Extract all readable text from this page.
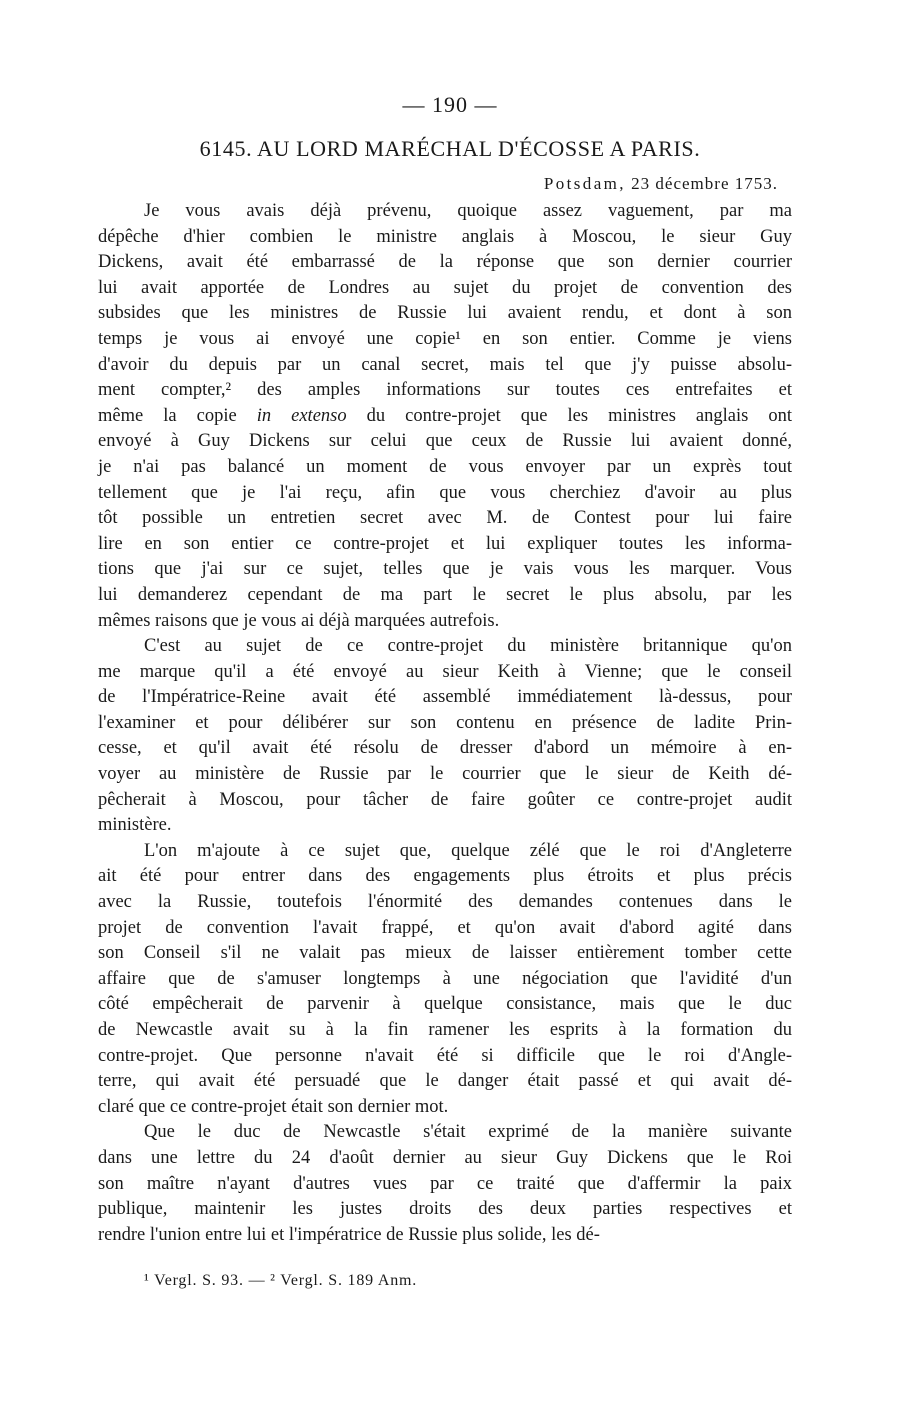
— 190 —
6145. AU LORD MARÉCHAL D'ÉCOSSE A PARIS.
Potsdam, 23 décembre 1753.
Je vous avais déjà prévenu, quoique assez vaguement, par ma
dépêche d'hier combien le ministre anglais à Moscou, le sieur Guy
Dickens, avait été embarrassé de la réponse que son dernier courrier
lui avait apportée de Londres au sujet du projet de convention des
subsides que les ministres de Russie lui avaient rendu, et dont à son
temps je vous ai envoyé une copie¹ en son entier. Comme je viens
d'avoir du depuis par un canal secret, mais tel que j'y puisse absolu-
ment compter,² des amples informations sur toutes ces entrefaites et
même la copie in extenso du contre-projet que les ministres anglais ont
envoyé à Guy Dickens sur celui que ceux de Russie lui avaient donné,
je n'ai pas balancé un moment de vous envoyer par un exprès tout
tellement que je l'ai reçu, afin que vous cherchiez d'avoir au plus
tôt possible un entretien secret avec M. de Contest pour lui faire
lire en son entier ce contre-projet et lui expliquer toutes les informa-
tions que j'ai sur ce sujet, telles que je vais vous les marquer. Vous
lui demanderez cependant de ma part le secret le plus absolu, par les
mêmes raisons que je vous ai déjà marquées autrefois.
C'est au sujet de ce contre-projet du ministère britannique qu'on
me marque qu'il a été envoyé au sieur Keith à Vienne; que le conseil
de l'Impératrice-Reine avait été assemblé immédiatement là-dessus, pour
l'examiner et pour délibérer sur son contenu en présence de ladite Prin-
cesse, et qu'il avait été résolu de dresser d'abord un mémoire à en-
voyer au ministère de Russie par le courrier que le sieur de Keith dé-
pêcherait à Moscou, pour tâcher de faire goûter ce contre-projet audit
ministère.
L'on m'ajoute à ce sujet que, quelque zélé que le roi d'Angleterre
ait été pour entrer dans des engagements plus étroits et plus précis
avec la Russie, toutefois l'énormité des demandes contenues dans le
projet de convention l'avait frappé, et qu'on avait d'abord agité dans
son Conseil s'il ne valait pas mieux de laisser entièrement tomber cette
affaire que de s'amuser longtemps à une négociation que l'avidité d'un
côté empêcherait de parvenir à quelque consistance, mais que le duc
de Newcastle avait su à la fin ramener les esprits à la formation du
contre-projet. Que personne n'avait été si difficile que le roi d'Angle-
terre, qui avait été persuadé que le danger était passé et qui avait dé-
claré que ce contre-projet était son dernier mot.
Que le duc de Newcastle s'était exprimé de la manière suivante
dans une lettre du 24 d'août dernier au sieur Guy Dickens que le Roi
son maître n'ayant d'autres vues par ce traité que d'affermir la paix
publique, maintenir les justes droits des deux parties respectives et
rendre l'union entre lui et l'impératrice de Russie plus solide, les dé-
¹ Vergl. S. 93. — ² Vergl. S. 189 Anm.
